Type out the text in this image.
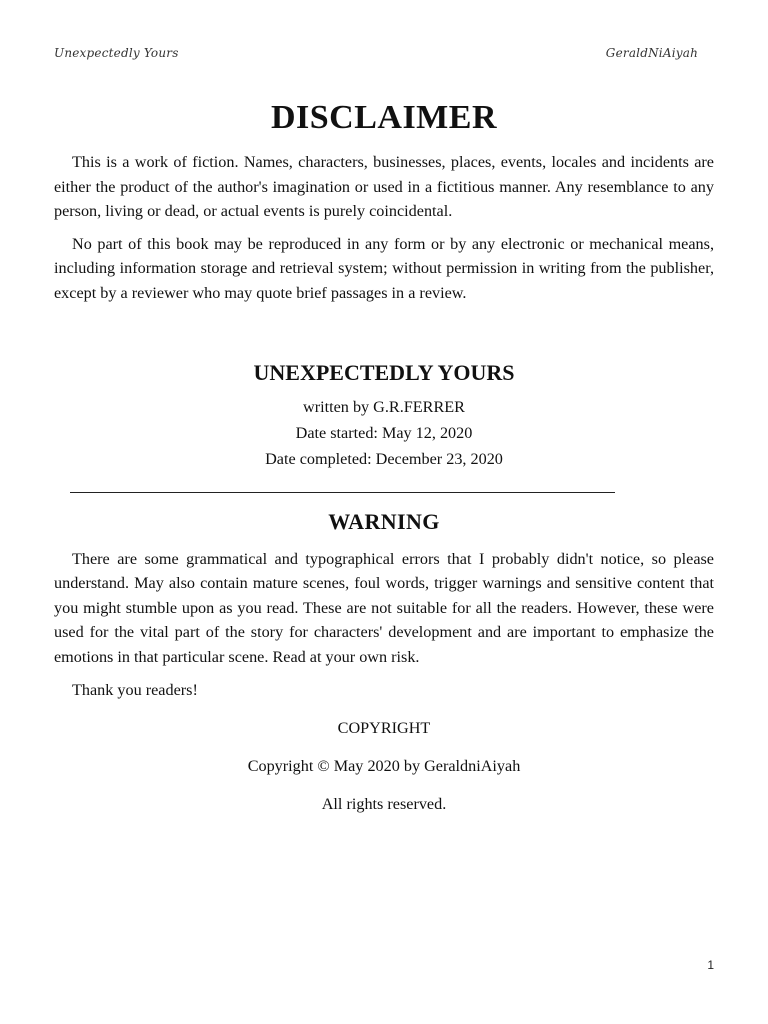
Unexpectedly Yours	GeraldNiAiyah
DISCLAIMER

This is a work of fiction. Names, characters, businesses, places, events, locales and incidents are either the product of the author's imagination or used in a fictitious manner. Any resemblance to any person, living or dead, or actual events is purely coincidental.

No part of this book may be reproduced in any form or by any electronic or mechanical means, including information storage and retrieval system; without permission in writing from the publisher, except by a reviewer who may quote brief passages in a review.

UNEXPECTEDLY YOURS

written by G.R.FERRER

Date started: May 12, 2020

Date completed: December 23, 2020

WARNING

There are some grammatical and typographical errors that I probably didn't notice, so please understand. May also contain mature scenes, foul words, trigger warnings and sensitive content that you might stumble upon as you read. These are not suitable for all the readers. However, these were used for the vital part of the story for characters' development and are important to emphasize the emotions in that particular scene. Read at your own risk.

Thank you readers!

COPYRIGHT

Copyright © May 2020 by GeraldniAiyah

All rights reserved.

1
